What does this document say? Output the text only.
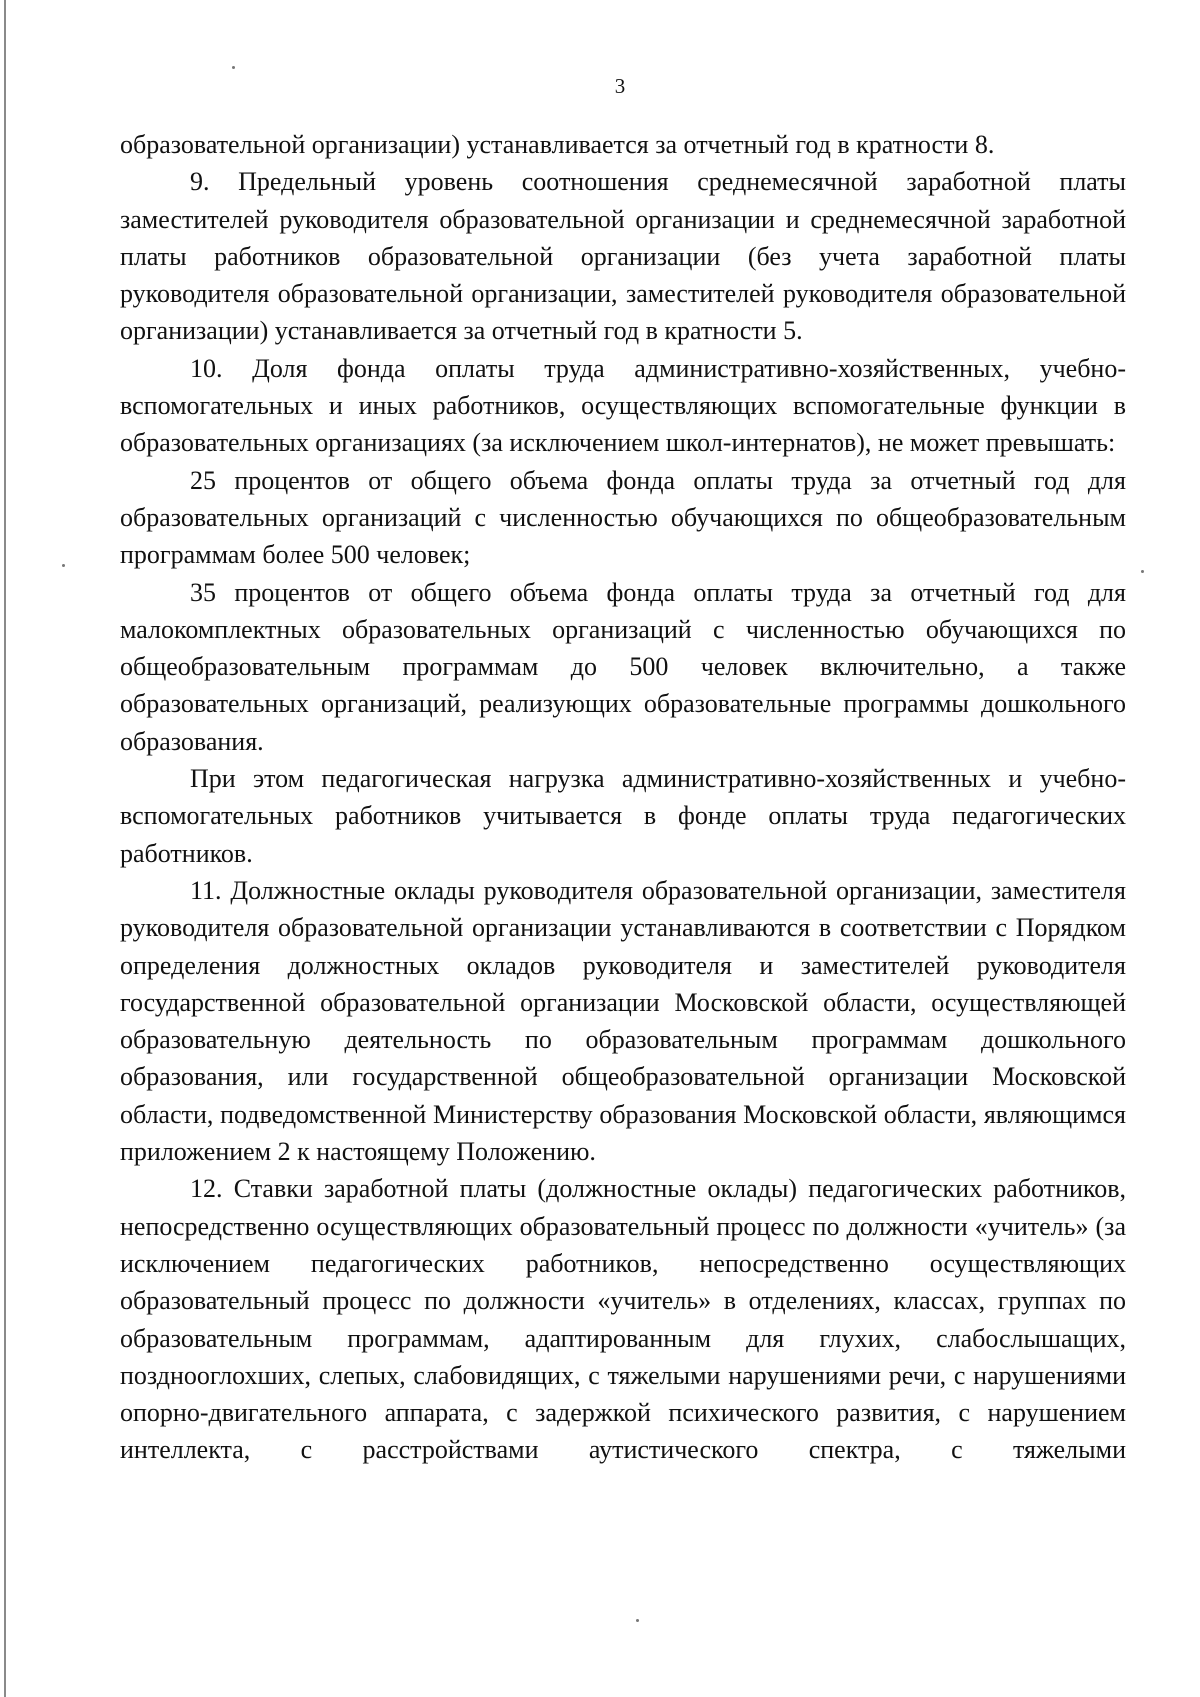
3

образовательной организации) устанавливается за отчетный год в кратности 8.

9. Предельный уровень соотношения среднемесячной заработной платы заместителей руководителя образовательной организации и среднемесячной заработной платы работников образовательной организации (без учета заработной платы руководителя образовательной организации, заместителей руководителя образовательной организации) устанавливается за отчетный год в кратности 5.

10. Доля фонда оплаты труда административно-хозяйственных, учебно-вспомогательных и иных работников, осуществляющих вспомогательные функции в образовательных организациях (за исключением школ-интернатов), не может превышать:

25 процентов от общего объема фонда оплаты труда за отчетный год для образовательных организаций с численностью обучающихся по общеобразовательным программам более 500 человек;

35 процентов от общего объема фонда оплаты труда за отчетный год для малокомплектных образовательных организаций с численностью обучающихся по общеобразовательным программам до 500 человек включительно, а также образовательных организаций, реализующих образовательные программы дошкольного образования.

При этом педагогическая нагрузка административно-хозяйственных и учебно-вспомогательных работников учитывается в фонде оплаты труда педагогических работников.

11. Должностные оклады руководителя образовательной организации, заместителя руководителя образовательной организации устанавливаются в соответствии с Порядком определения должностных окладов руководителя и заместителей руководителя государственной образовательной организации Московской области, осуществляющей образовательную деятельность по образовательным программам дошкольного образования, или государственной общеобразовательной организации Московской области, подведомственной Министерству образования Московской области, являющимся приложением 2 к настоящему Положению.

12. Ставки заработной платы (должностные оклады) педагогических работников, непосредственно осуществляющих образовательный процесс по должности «учитель» (за исключением педагогических работников, непосредственно осуществляющих образовательный процесс по должности «учитель» в отделениях, классах, группах по образовательным программам, адаптированным для глухих, слабослышащих, позднооглохших, слепых, слабовидящих, с тяжелыми нарушениями речи, с нарушениями опорно-двигательного аппарата, с задержкой психического развития, с нарушением интеллекта, с расстройствами аутистического спектра, с тяжелыми
